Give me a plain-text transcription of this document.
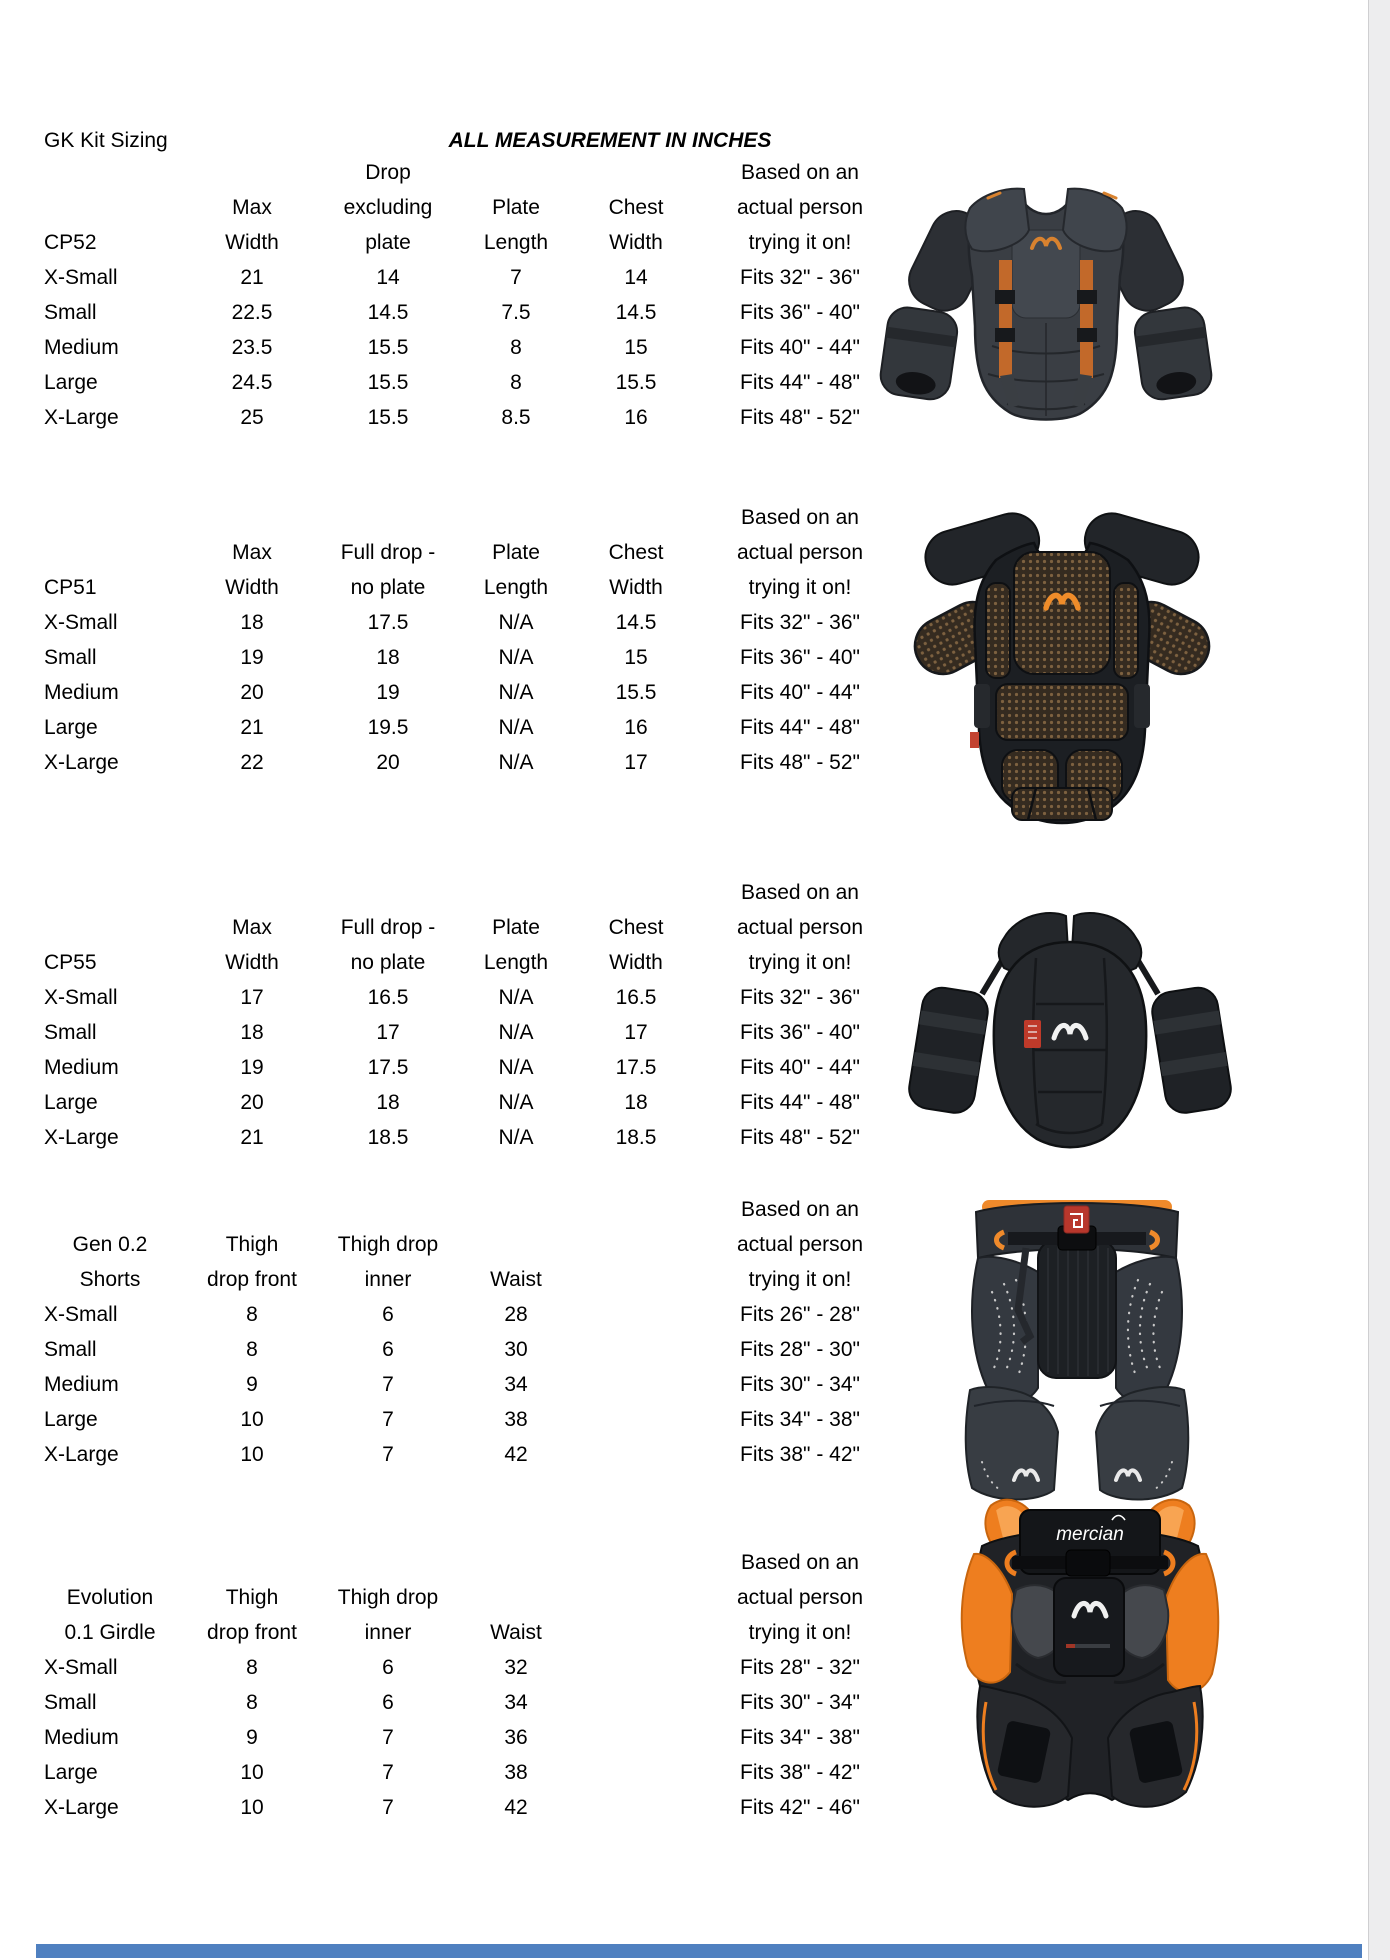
GK Kit Sizing	ALL MEASUREMENT IN INCHES
Drop	Based on an
Max	excluding	Plate	Chest	actual person
CP52	Width	plate	Length	Width	trying it on!
X-Small	21	14	7	14	Fits 32" - 36"
Small	22.5	14.5	7.5	14.5	Fits 36" - 40"
Medium	23.5	15.5	8	15	Fits 40" - 44"
Large	24.5	15.5	8	15.5	Fits 44" - 48"
X-Large	25	15.5	8.5	16	Fits 48" - 52"
Based on an
Max	Full drop -	Plate	Chest	actual person
CP51	Width	no plate	Length	Width	trying it on!
X-Small	18	17.5	N/A	14.5	Fits 32" - 36"
Small	19	18	N/A	15	Fits 36" - 40"
Medium	20	19	N/A	15.5	Fits 40" - 44"
Large	21	19.5	N/A	16	Fits 44" - 48"
X-Large	22	20	N/A	17	Fits 48" - 52"
Based on an
Max	Full drop -	Plate	Chest	actual person
CP55	Width	no plate	Length	Width	trying it on!
X-Small	17	16.5	N/A	16.5	Fits 32" - 36"
Small	18	17	N/A	17	Fits 36" - 40"
Medium	19	17.5	N/A	17.5	Fits 40" - 44"
Large	20	18	N/A	18	Fits 44" - 48"
X-Large	21	18.5	N/A	18.5	Fits 48" - 52"
Based on an
Gen 0.2	Thigh	Thigh drop	actual person
Shorts	drop front	inner	Waist	trying it on!
X-Small	8	6	28	Fits 26" - 28"
Small	8	6	30	Fits 28" - 30"
Medium	9	7	34	Fits 30" - 34"
Large	10	7	38	Fits 34" - 38"
X-Large	10	7	42	Fits 38" - 42"
Based on an
Evolution	Thigh	Thigh drop	actual person
0.1 Girdle	drop front	inner	Waist	trying it on!
X-Small	8	6	32	Fits 28" - 32"
Small	8	6	34	Fits 30" - 34"
Medium	9	7	36	Fits 34" - 38"
Large	10	7	38	Fits 38" - 42"
X-Large	10	7	42	Fits 42" - 46"
mercian
